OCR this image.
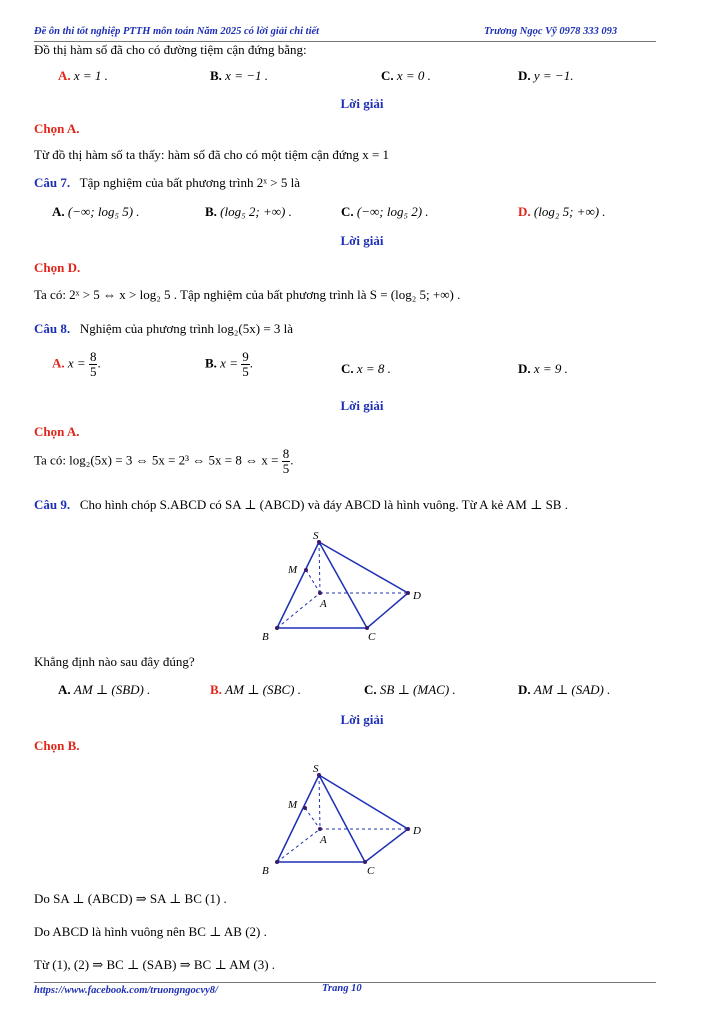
Đề ôn thi tốt nghiệp PTTH môn toán Năm 2025 có lời giải chi tiết	Trương Ngọc Vỹ 0978 333 093
Đồ thị hàm số đã cho có đường tiệm cận đứng bằng:
A. x = 1 .	B. x = −1 .	C. x = 0 .	D. y = −1.
Lời giải
Chọn A.
Từ đồ thị hàm số ta thấy: hàm số đã cho có một tiệm cận đứng x = 1
Câu 7. Tập nghiệm của bất phương trình 2ˣ > 5 là
A. (−∞; log₅ 5) .	B. (log₅ 2; +∞) .	C. (−∞; log₅ 2) .	D. (log₂ 5; +∞) .
Lời giải
Chọn D.
Ta có: 2ˣ > 5 ⇔ x > log₂ 5 . Tập nghiệm của bất phương trình là S = (log₂ 5; +∞) .
Câu 8. Nghiệm của phương trình log₂(5x) = 3 là
A. $x = \frac{8}{5}$ .	B. $x = \frac{9}{5}$ .	C. x = 8 .	D. x = 9 .
Lời giải
Chọn A.
Ta có: log₂(5x) = 3 ⇔ 5x = 2³ ⇔ 5x = 8 ⇔ $x = \frac{8}{5}$ .
Câu 9. Cho hình chóp S.ABCD có SA ⊥ (ABCD) và đáy ABCD là hình vuông. Từ A kẻ AM ⊥ SB .
S
M
A
B	C
D
Khẳng định nào sau đây đúng?
A. AM ⊥ (SBD) .	B. AM ⊥ (SBC) .	C. SB ⊥ (MAC) .	D. AM ⊥ (SAD) .
Lời giải
Chọn B.
S
M
A
B	C
D
Do SA ⊥ (ABCD) ⇒ SA ⊥ BC (1) .
Do ABCD là hình vuông nên BC ⊥ AB (2) .
Từ (1), (2) ⇒ BC ⊥ (SAB) ⇒ BC ⊥ AM (3) .
https://www.facebook.com/truongngocvy8/	Trang 10
